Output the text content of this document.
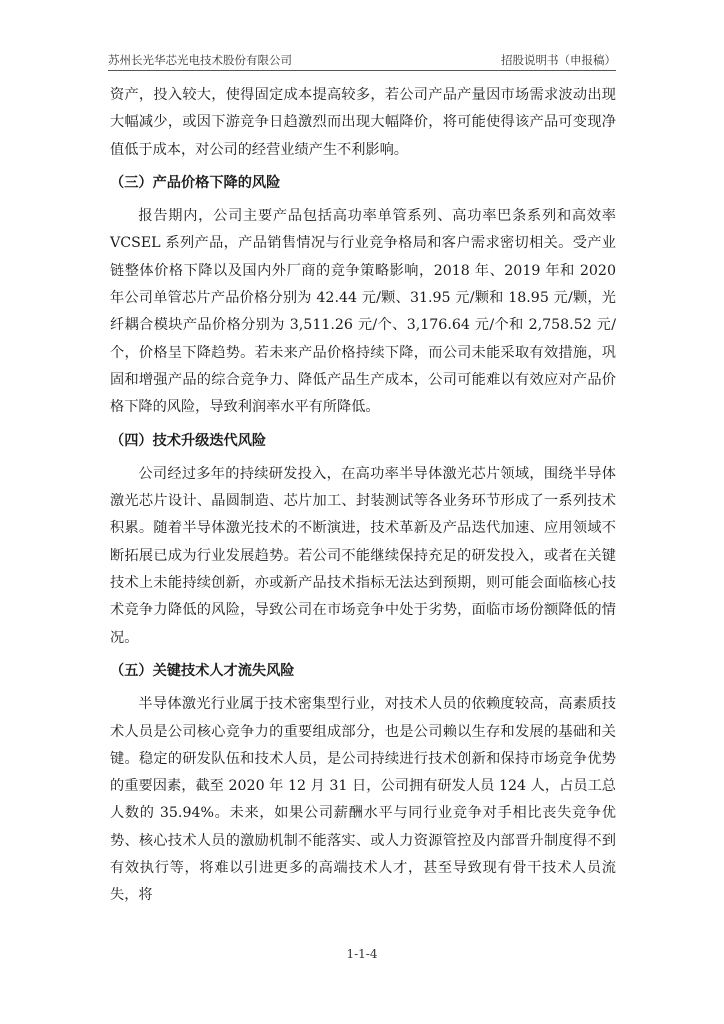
苏州长光华芯光电技术股份有限公司	招股说明书（申报稿）

资产，投入较大，使得固定成本提高较多，若公司产品产量因市场需求波动出现大幅减少，或因下游竞争日趋激烈而出现大幅降价，将可能使得该产品可变现净值低于成本，对公司的经营业绩产生不利影响。

（三）产品价格下降的风险

报告期内，公司主要产品包括高功率单管系列、高功率巴条系列和高效率VCSEL 系列产品，产品销售情况与行业竞争格局和客户需求密切相关。受产业链整体价格下降以及国内外厂商的竞争策略影响，2018 年、2019 年和 2020 年公司单管芯片产品价格分别为 42.44 元/颗、31.95 元/颗和 18.95 元/颗，光纤耦合模块产品价格分别为 3,511.26 元/个、3,176.64 元/个和 2,758.52 元/个，价格呈下降趋势。若未来产品价格持续下降，而公司未能采取有效措施，巩固和增强产品的综合竞争力、降低产品生产成本，公司可能难以有效应对产品价格下降的风险，导致利润率水平有所降低。

（四）技术升级迭代风险

公司经过多年的持续研发投入，在高功率半导体激光芯片领域，围绕半导体激光芯片设计、晶圆制造、芯片加工、封装测试等各业务环节形成了一系列技术积累。随着半导体激光技术的不断演进，技术革新及产品迭代加速、应用领域不断拓展已成为行业发展趋势。若公司不能继续保持充足的研发投入，或者在关键技术上未能持续创新，亦或新产品技术指标无法达到预期，则可能会面临核心技术竞争力降低的风险，导致公司在市场竞争中处于劣势，面临市场份额降低的情况。

（五）关键技术人才流失风险

半导体激光行业属于技术密集型行业，对技术人员的依赖度较高，高素质技术人员是公司核心竞争力的重要组成部分，也是公司赖以生存和发展的基础和关键。稳定的研发队伍和技术人员，是公司持续进行技术创新和保持市场竞争优势的重要因素，截至 2020 年 12 月 31 日，公司拥有研发人员 124 人，占员工总人数的 35.94%。未来，如果公司薪酬水平与同行业竞争对手相比丧失竞争优势、核心技术人员的激励机制不能落实、或人力资源管控及内部晋升制度得不到有效执行等，将难以引进更多的高端技术人才，甚至导致现有骨干技术人员流失，将

1-1-4
